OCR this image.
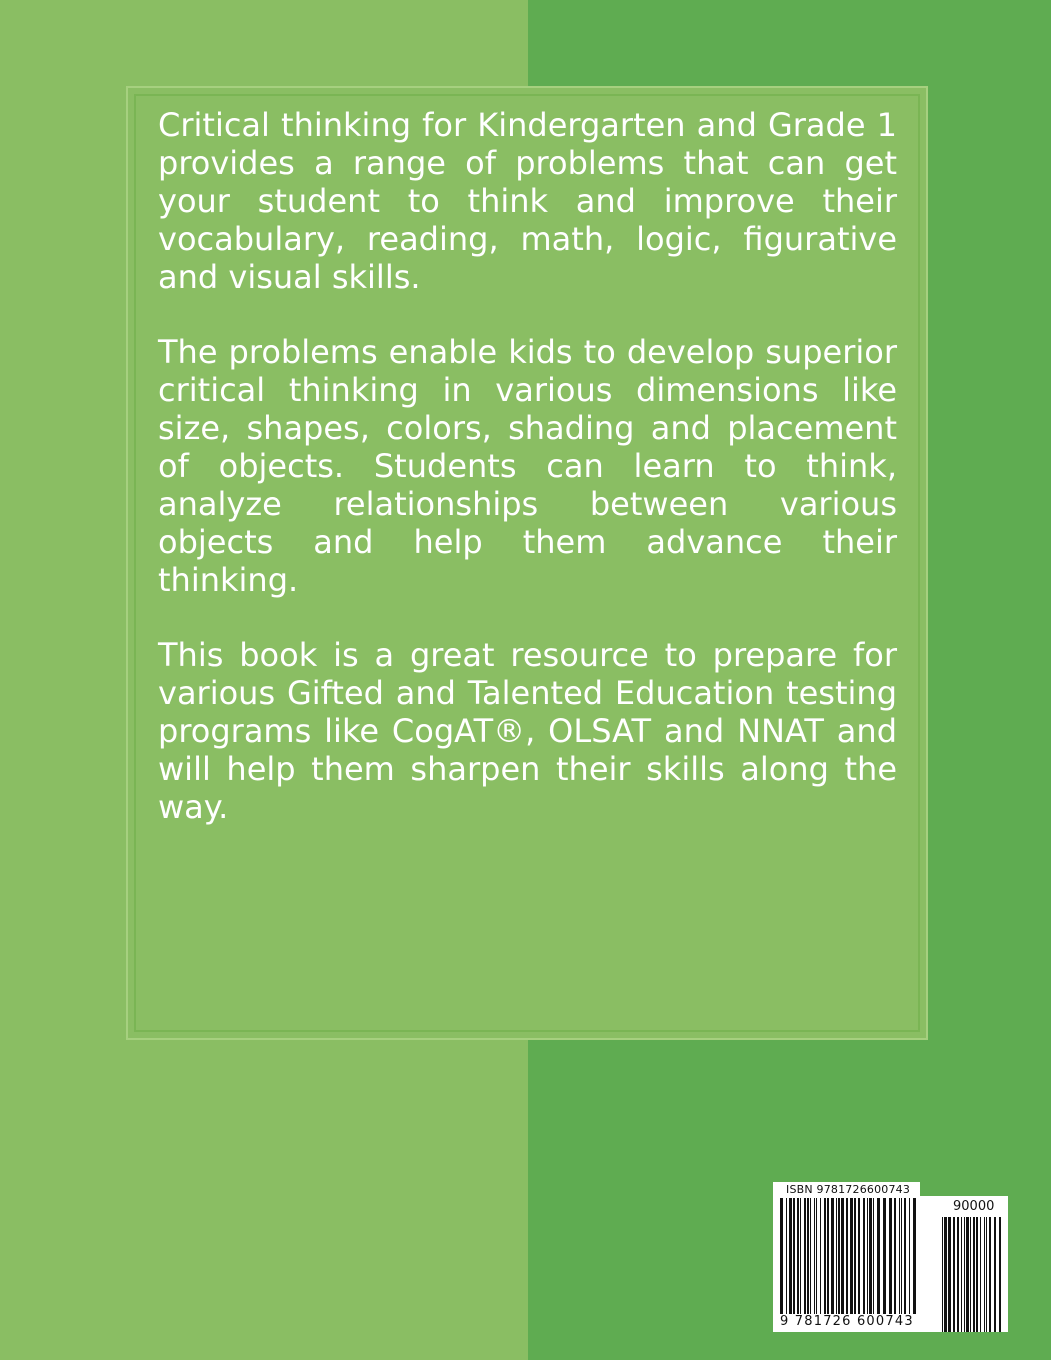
Critical thinking for Kindergarten and Grade 1 provides a range of problems that can get your student to think and improve their vocabulary, reading, math, logic, figurative and visual skills.

The problems enable kids to develop superior critical thinking in various dimensions like size, shapes, colors, shading and placement of objects. Students can learn to think, analyze relationships between various objects and help them advance their thinking.

This book is a great resource to prepare for various Gifted and Talented Education testing programs like CogAT®, OLSAT and NNAT and will help them sharpen their skills along the way.

ISBN 9781726600743
90000
9 781726 600743
